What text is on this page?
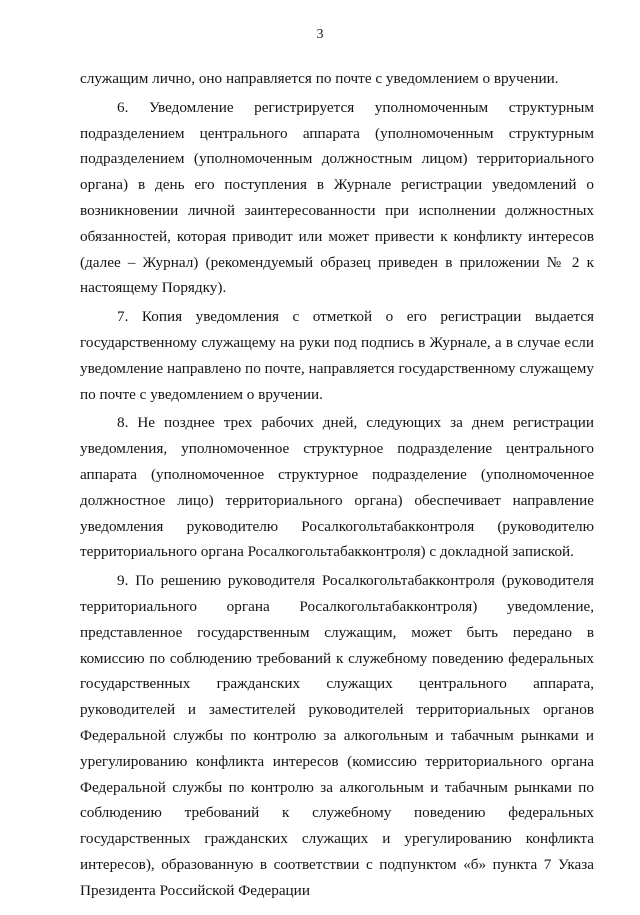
3

служащим лично, оно направляется по почте с уведомлением о вручении.

6. Уведомление регистрируется уполномоченным структурным подразделением центрального аппарата (уполномоченным структурным подразделением (уполномоченным должностным лицом) территориального органа) в день его поступления в Журнале регистрации уведомлений о возникновении личной заинтересованности при исполнении должностных обязанностей, которая приводит или может привести к конфликту интересов (далее – Журнал) (рекомендуемый образец приведен в приложении № 2 к настоящему Порядку).

7. Копия уведомления с отметкой о его регистрации выдается государственному служащему на руки под подпись в Журнале, а в случае если уведомление направлено по почте, направляется государственному служащему по почте с уведомлением о вручении.

8. Не позднее трех рабочих дней, следующих за днем регистрации уведомления, уполномоченное структурное подразделение центрального аппарата (уполномоченное структурное подразделение (уполномоченное должностное лицо) территориального органа) обеспечивает направление уведомления руководителю Росалкогольтабакконтроля (руководителю территориального органа Росалкогольтабакконтроля) с докладной запиской.

9. По решению руководителя Росалкогольтабакконтроля (руководителя территориального органа Росалкогольтабакконтроля) уведомление, представленное государственным служащим, может быть передано в комиссию по соблюдению требований к служебному поведению федеральных государственных гражданских служащих центрального аппарата, руководителей и заместителей руководителей территориальных органов Федеральной службы по контролю за алкогольным и табачным рынками и урегулированию конфликта интересов (комиссию территориального органа Федеральной службы по контролю за алкогольным и табачным рынками по соблюдению требований к служебному поведению федеральных государственных гражданских служащих и урегулированию конфликта интересов), образованную в соответствии с подпунктом «б» пункта 7 Указа Президента Российской Федерации
